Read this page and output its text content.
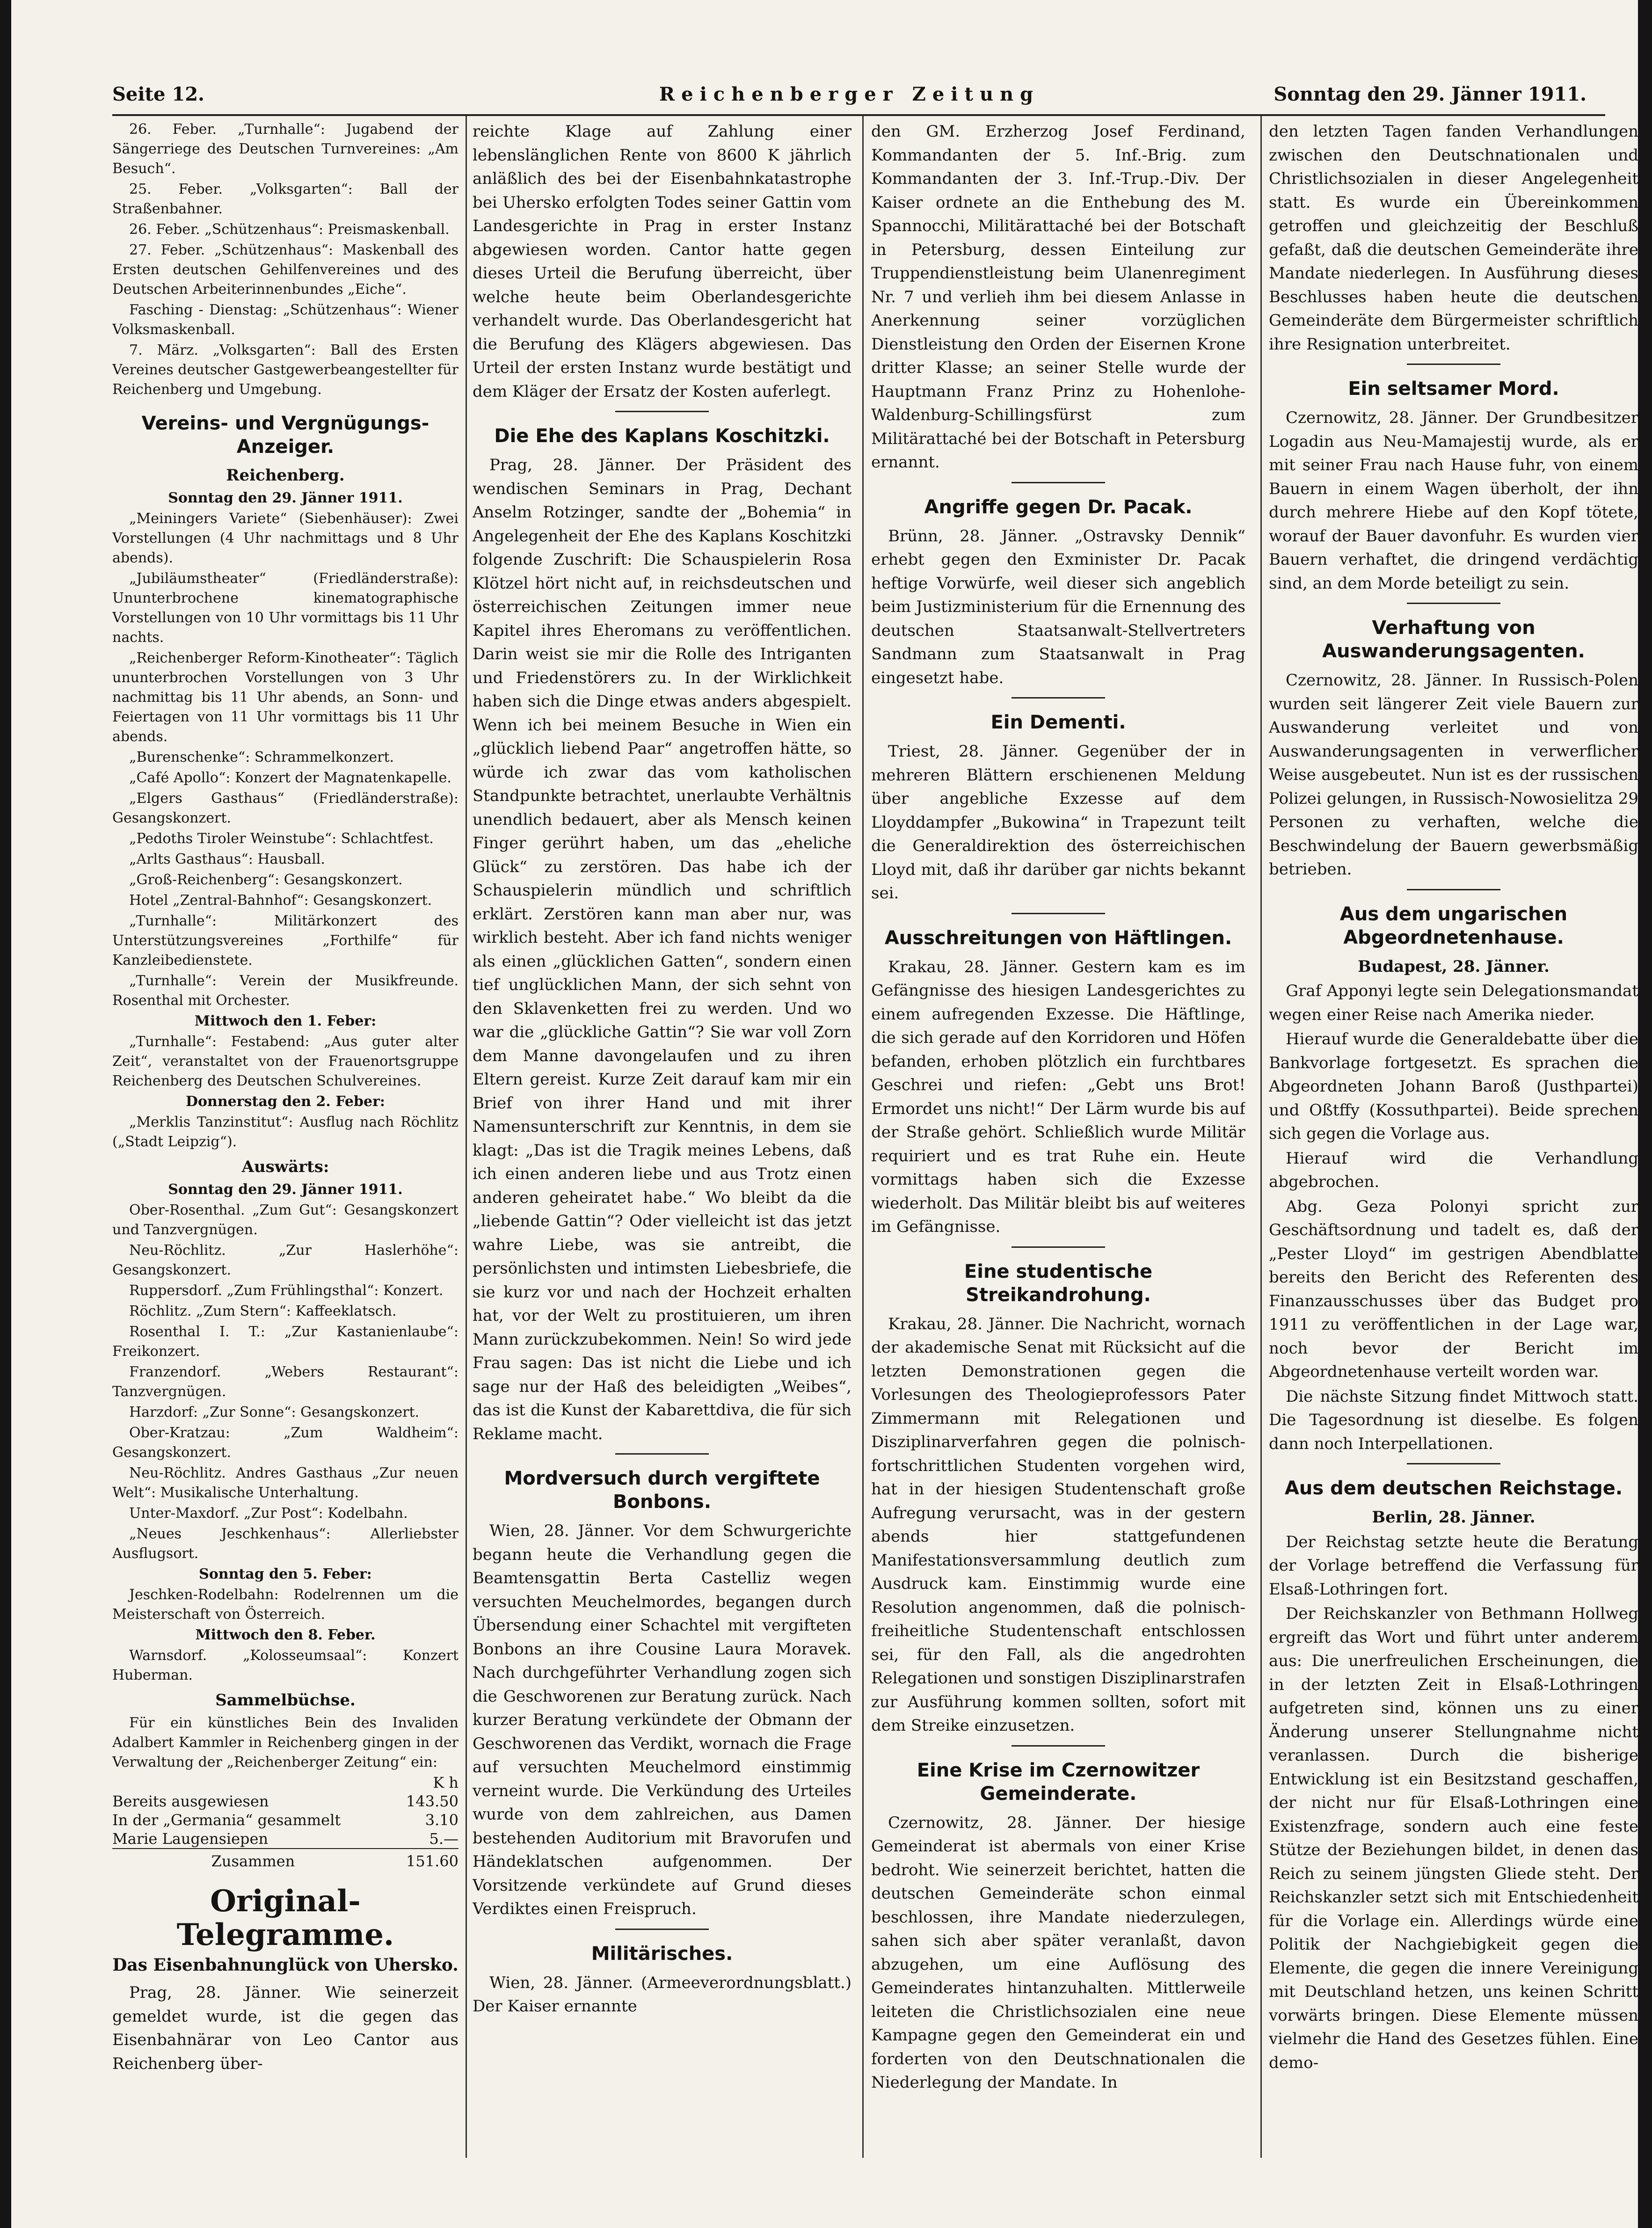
Seite 12.	Reichenberger Zeitung	Sonntag den 29. Jänner 1911.

26. Feber. „Turnhalle“: Jugabend der Sängerriege des Deutschen Turnvereines: „Am Besuch“.

25. Feber. „Volksgarten“: Ball der Straßenbahner.

26. Feber. „Schützenhaus“: Preismaskenball.

27. Feber. „Schützenhaus“: Maskenball des Ersten deutschen Gehilfenvereines und des Deutschen Arbeiterinnenbundes „Eiche“.

Fasching - Dienstag: „Schützenhaus“: Wiener Volksmaskenball.

7. März. „Volksgarten“: Ball des Ersten Vereines deutscher Gastgewerbeangestellter für Reichenberg und Umgebung.

Vereins- und Vergnügungs-Anzeiger.
Reichenberg.

Sonntag den 29. Jänner 1911.

„Meiningers Variete“ (Siebenhäuser): Zwei Vorstellungen (4 Uhr nachmittags und 8 Uhr abends).

„Jubiläumstheater“ (Friedländerstraße): Ununterbrochene kinematographische Vorstellungen von 10 Uhr vormittags bis 11 Uhr nachts.

„Reichenberger Reform-Kinotheater“: Täglich ununterbrochen Vorstellungen von 3 Uhr nachmittag bis 11 Uhr abends, an Sonn- und Feiertagen von 11 Uhr vormittags bis 11 Uhr abends.

„Burenschenke“: Schrammelkonzert.

„Café Apollo“: Konzert der Magnatenkapelle.

„Elgers Gasthaus“ (Friedländerstraße): Gesangskonzert.

„Pedoths Tiroler Weinstube“: Schlachtfest.

„Arlts Gasthaus“: Hausball.

„Groß-Reichenberg“: Gesangskonzert.

Hotel „Zentral-Bahnhof“: Gesangskonzert.

„Turnhalle“: Militärkonzert des Unterstützungsvereines „Forthilfe“ für Kanzleibedienstete.

„Turnhalle“: Verein der Musikfreunde. Rosenthal mit Orchester.

Mittwoch den 1. Feber:

„Turnhalle“: Festabend: „Aus guter alter Zeit“, veranstaltet von der Frauenortsgruppe Reichenberg des Deutschen Schulvereines.

Donnerstag den 2. Feber:

„Merklis Tanzinstitut“: Ausflug nach Röchlitz („Stadt Leipzig“).

Auswärts:

Sonntag den 29. Jänner 1911.

Ober-Rosenthal. „Zum Gut“: Gesangskonzert und Tanzvergnügen.

Neu-Röchlitz. „Zur Haslerhöhe“: Gesangskonzert.

Ruppersdorf. „Zum Frühlingsthal“: Konzert.

Röchlitz. „Zum Stern“: Kaffeeklatsch.

Rosenthal I. T.: „Zur Kastanienlaube“: Freikonzert.

Franzendorf. „Webers Restaurant“: Tanzvergnügen.

Harzdorf: „Zur Sonne“: Gesangskonzert.

Ober-Kratzau: „Zum Waldheim“: Gesangskonzert.

Neu-Röchlitz. Andres Gasthaus „Zur neuen Welt“: Musikalische Unterhaltung.

Unter-Maxdorf. „Zur Post“: Kodelbahn.

„Neues Jeschkenhaus“: Allerliebster Ausflugsort.

Sonntag den 5. Feber:

Jeschken-Rodelbahn: Rodelrennen um die Meisterschaft von Österreich.

Mittwoch den 8. Feber.

Warnsdorf. „Kolosseumsaal“: Konzert Huberman.

Sammelbüchse.

Für ein künstliches Bein des Invaliden Adalbert Kammler in Reichenberg gingen in der Verwaltung der „Reichenberger Zeitung“ ein:

	K h
Bereits ausgewiesen	143.50
In der „Germania“ gesammelt	3.10
Marie Laugensiepen	5.—
Zusammen	151.60
Original-Telegramme.
Das Eisenbahnunglück von Uhersko.

Prag, 28. Jänner. Wie seinerzeit gemeldet wurde, ist die gegen das Eisenbahnärar von Leo Cantor aus Reichenberg über-

reichte Klage auf Zahlung einer lebenslänglichen Rente von 8600 K jährlich anläßlich des bei der Eisenbahnkatastrophe bei Uhersko erfolgten Todes seiner Gattin vom Landesgerichte in Prag in erster Instanz abgewiesen worden. Cantor hatte gegen dieses Urteil die Berufung überreicht, über welche heute beim Oberlandesgerichte verhandelt wurde. Das Oberlandesgericht hat die Berufung des Klägers abgewiesen. Das Urteil der ersten Instanz wurde bestätigt und dem Kläger der Ersatz der Kosten auferlegt.

Die Ehe des Kaplans Koschitzki.

Prag, 28. Jänner. Der Präsident des wendischen Seminars in Prag, Dechant Anselm Rotzinger, sandte der „Bohemia“ in Angelegenheit der Ehe des Kaplans Koschitzki folgende Zuschrift: Die Schauspielerin Rosa Klötzel hört nicht auf, in reichsdeutschen und österreichischen Zeitungen immer neue Kapitel ihres Eheromans zu veröffentlichen. Darin weist sie mir die Rolle des Intriganten und Friedenstörers zu. In der Wirklichkeit haben sich die Dinge etwas anders abgespielt. Wenn ich bei meinem Besuche in Wien ein „glücklich liebend Paar“ angetroffen hätte, so würde ich zwar das vom katholischen Standpunkte betrachtet, unerlaubte Verhältnis unendlich bedauert, aber als Mensch keinen Finger gerührt haben, um das „eheliche Glück“ zu zerstören. Das habe ich der Schauspielerin mündlich und schriftlich erklärt. Zerstören kann man aber nur, was wirklich besteht. Aber ich fand nichts weniger als einen „glücklichen Gatten“, sondern einen tief unglücklichen Mann, der sich sehnt von den Sklavenketten frei zu werden. Und wo war die „glückliche Gattin“? Sie war voll Zorn dem Manne davongelaufen und zu ihren Eltern gereist. Kurze Zeit darauf kam mir ein Brief von ihrer Hand und mit ihrer Namensunterschrift zur Kenntnis, in dem sie klagt: „Das ist die Tragik meines Lebens, daß ich einen anderen liebe und aus Trotz einen anderen geheiratet habe.“ Wo bleibt da die „liebende Gattin“? Oder vielleicht ist das jetzt wahre Liebe, was sie antreibt, die persönlichsten und intimsten Liebesbriefe, die sie kurz vor und nach der Hochzeit erhalten hat, vor der Welt zu prostituieren, um ihren Mann zurückzubekommen. Nein! So wird jede Frau sagen: Das ist nicht die Liebe und ich sage nur der Haß des beleidigten „Weibes“, das ist die Kunst der Kabarettdiva, die für sich Reklame macht.

Mordversuch durch vergiftete Bonbons.

Wien, 28. Jänner. Vor dem Schwurgerichte begann heute die Verhandlung gegen die Beamtensgattin Berta Castelliz wegen versuchten Meuchelmordes, begangen durch Übersendung einer Schachtel mit vergifteten Bonbons an ihre Cousine Laura Moravek. Nach durchgeführter Verhandlung zogen sich die Geschworenen zur Beratung zurück. Nach kurzer Beratung verkündete der Obmann der Geschworenen das Verdikt, wornach die Frage auf versuchten Meuchelmord einstimmig verneint wurde. Die Verkündung des Urteiles wurde von dem zahlreichen, aus Damen bestehenden Auditorium mit Bravorufen und Händeklatschen aufgenommen. Der Vorsitzende verkündete auf Grund dieses Verdiktes einen Freispruch.

Militärisches.

Wien, 28. Jänner. (Armeeverordnungsblatt.) Der Kaiser ernannte

den GM. Erzherzog Josef Ferdinand, Kommandanten der 5. Inf.-Brig. zum Kommandanten der 3. Inf.-Trup.-Div. Der Kaiser ordnete an die Enthebung des M. Spannocchi, Militärattaché bei der Botschaft in Petersburg, dessen Einteilung zur Truppendienstleistung beim Ulanenregiment Nr. 7 und verlieh ihm bei diesem Anlasse in Anerkennung seiner vorzüglichen Dienstleistung den Orden der Eisernen Krone dritter Klasse; an seiner Stelle wurde der Hauptmann Franz Prinz zu Hohenlohe-Waldenburg-Schillingsfürst zum Militärattaché bei der Botschaft in Petersburg ernannt.

Angriffe gegen Dr. Pacak.

Brünn, 28. Jänner. „Ostravsky Dennik“ erhebt gegen den Exminister Dr. Pacak heftige Vorwürfe, weil dieser sich angeblich beim Justizministerium für die Ernennung des deutschen Staatsanwalt-Stellvertreters Sandmann zum Staatsanwalt in Prag eingesetzt habe.

Ein Dementi.

Triest, 28. Jänner. Gegenüber der in mehreren Blättern erschienenen Meldung über angebliche Exzesse auf dem Lloyddampfer „Bukowina“ in Trapezunt teilt die Generaldirektion des österreichischen Lloyd mit, daß ihr darüber gar nichts bekannt sei.

Ausschreitungen von Häftlingen.

Krakau, 28. Jänner. Gestern kam es im Gefängnisse des hiesigen Landesgerichtes zu einem aufregenden Exzesse. Die Häftlinge, die sich gerade auf den Korridoren und Höfen befanden, erhoben plötzlich ein furchtbares Geschrei und riefen: „Gebt uns Brot! Ermordet uns nicht!“ Der Lärm wurde bis auf der Straße gehört. Schließlich wurde Militär requiriert und es trat Ruhe ein. Heute vormittags haben sich die Exzesse wiederholt. Das Militär bleibt bis auf weiteres im Gefängnisse.

Eine studentische Streikandrohung.

Krakau, 28. Jänner. Die Nachricht, wornach der akademische Senat mit Rücksicht auf die letzten Demonstrationen gegen die Vorlesungen des Theologieprofessors Pater Zimmermann mit Relegationen und Disziplinarverfahren gegen die polnisch-fortschrittlichen Studenten vorgehen wird, hat in der hiesigen Studentenschaft große Aufregung verursacht, was in der gestern abends hier stattgefundenen Manifestationsversammlung deutlich zum Ausdruck kam. Einstimmig wurde eine Resolution angenommen, daß die polnisch-freiheitliche Studentenschaft entschlossen sei, für den Fall, als die angedrohten Relegationen und sonstigen Disziplinarstrafen zur Ausführung kommen sollten, sofort mit dem Streike einzusetzen.

Eine Krise im Czernowitzer Gemeinderate.

Czernowitz, 28. Jänner. Der hiesige Gemeinderat ist abermals von einer Krise bedroht. Wie seinerzeit berichtet, hatten die deutschen Gemeinderäte schon einmal beschlossen, ihre Mandate niederzulegen, sahen sich aber später veranlaßt, davon abzugehen, um eine Auflösung des Gemeinderates hintanzuhalten. Mittlerweile leiteten die Christlichsozialen eine neue Kampagne gegen den Gemeinderat ein und forderten von den Deutschnationalen die Niederlegung der Mandate. In

den letzten Tagen fanden Verhandlungen zwischen den Deutschnationalen und Christlichsozialen in dieser Angelegenheit statt. Es wurde ein Übereinkommen getroffen und gleichzeitig der Beschluß gefaßt, daß die deutschen Gemeinderäte ihre Mandate niederlegen. In Ausführung dieses Beschlusses haben heute die deutschen Gemeinderäte dem Bürgermeister schriftlich ihre Resignation unterbreitet.

Ein seltsamer Mord.

Czernowitz, 28. Jänner. Der Grundbesitzer Logadin aus Neu-Mamajestij wurde, als er mit seiner Frau nach Hause fuhr, von einem Bauern in einem Wagen überholt, der ihn durch mehrere Hiebe auf den Kopf tötete, worauf der Bauer davonfuhr. Es wurden vier Bauern verhaftet, die dringend verdächtig sind, an dem Morde beteiligt zu sein.

Verhaftung von Auswanderungsagenten.

Czernowitz, 28. Jänner. In Russisch-Polen wurden seit längerer Zeit viele Bauern zur Auswanderung verleitet und von Auswanderungsagenten in verwerflicher Weise ausgebeutet. Nun ist es der russischen Polizei gelungen, in Russisch-Nowosielitza 29 Personen zu verhaften, welche die Beschwindelung der Bauern gewerbsmäßig betrieben.

Aus dem ungarischen Abgeordnetenhause.

Budapest, 28. Jänner.

Graf Apponyi legte sein Delegationsmandat wegen einer Reise nach Amerika nieder.

Hierauf wurde die Generaldebatte über die Bankvorlage fortgesetzt. Es sprachen die Abgeordneten Johann Baroß (Justhpartei) und Oßtffy (Kossuthpartei). Beide sprechen sich gegen die Vorlage aus.

Hierauf wird die Verhandlung abgebrochen.

Abg. Geza Polonyi spricht zur Geschäftsordnung und tadelt es, daß der „Pester Lloyd“ im gestrigen Abendblatte bereits den Bericht des Referenten des Finanzausschusses über das Budget pro 1911 zu veröffentlichen in der Lage war, noch bevor der Bericht im Abgeordnetenhause verteilt worden war.

Die nächste Sitzung findet Mittwoch statt. Die Tagesordnung ist dieselbe. Es folgen dann noch Interpellationen.

Aus dem deutschen Reichstage.

Berlin, 28. Jänner.

Der Reichstag setzte heute die Beratung der Vorlage betreffend die Verfassung für Elsaß-Lothringen fort.

Der Reichskanzler von Bethmann Hollweg ergreift das Wort und führt unter anderem aus: Die unerfreulichen Erscheinungen, die in der letzten Zeit in Elsaß-Lothringen aufgetreten sind, können uns zu einer Änderung unserer Stellungnahme nicht veranlassen. Durch die bisherige Entwicklung ist ein Besitzstand geschaffen, der nicht nur für Elsaß-Lothringen eine Existenzfrage, sondern auch eine feste Stütze der Beziehungen bildet, in denen das Reich zu seinem jüngsten Gliede steht. Der Reichskanzler setzt sich mit Entschiedenheit für die Vorlage ein. Allerdings würde eine Politik der Nachgiebigkeit gegen die Elemente, die gegen die innere Vereinigung mit Deutschland hetzen, uns keinen Schritt vorwärts bringen. Diese Elemente müssen vielmehr die Hand des Gesetzes fühlen. Eine demo-
